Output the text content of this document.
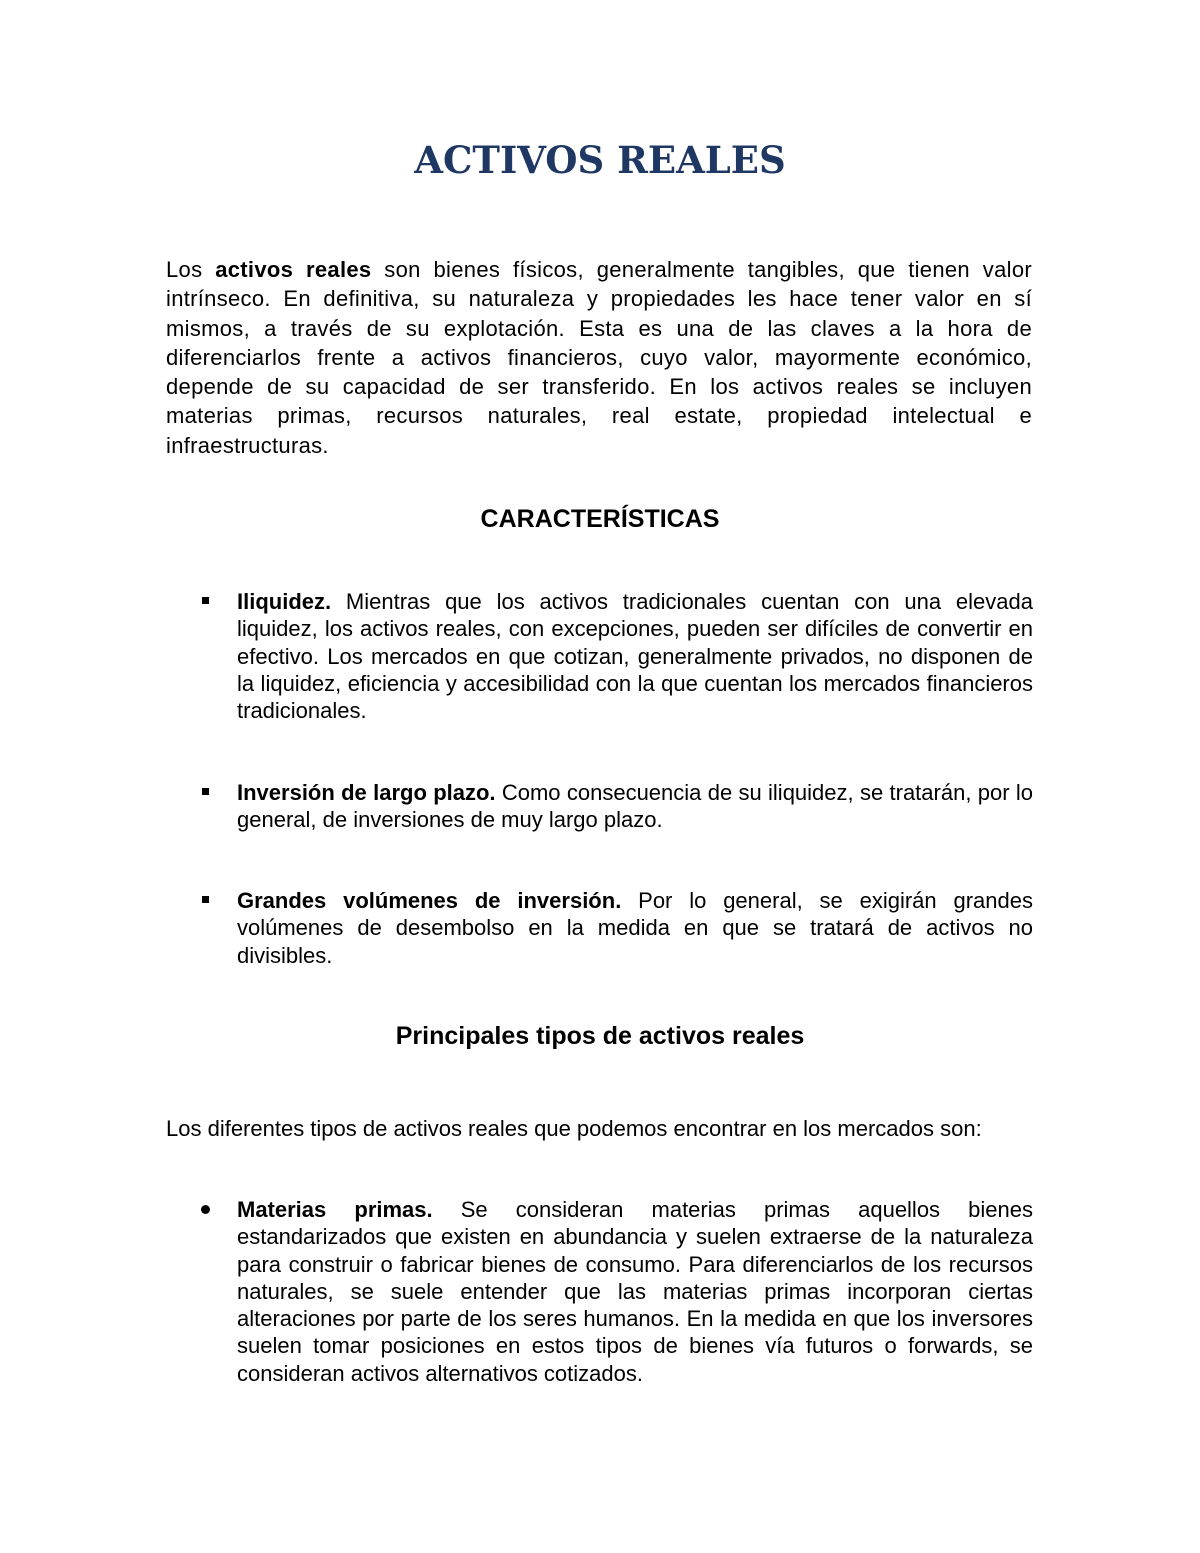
ACTIVOS REALES

Los activos reales son bienes físicos, generalmente tangibles, que tienen valor intrínseco. En definitiva, su naturaleza y propiedades les hace tener valor en sí mismos, a través de su explotación. Esta es una de las claves a la hora de diferenciarlos frente a activos financieros, cuyo valor, mayormente económico, depende de su capacidad de ser transferido. En los activos reales se incluyen materias primas, recursos naturales, real estate, propiedad intelectual e infraestructuras.

CARACTERÍSTICAS
Iliquidez. Mientras que los activos tradicionales cuentan con una elevada liquidez, los activos reales, con excepciones, pueden ser difíciles de convertir en efectivo. Los mercados en que cotizan, generalmente privados, no disponen de la liquidez, eficiencia y accesibilidad con la que cuentan los mercados financieros tradicionales.
Inversión de largo plazo. Como consecuencia de su iliquidez, se tratarán, por lo general, de inversiones de muy largo plazo.
Grandes volúmenes de inversión. Por lo general, se exigirán grandes volúmenes de desembolso en la medida en que se tratará de activos no divisibles.
Principales tipos de activos reales
Los diferentes tipos de activos reales que podemos encontrar en los mercados son:
Materias primas. Se consideran materias primas aquellos bienes estandarizados que existen en abundancia y suelen extraerse de la naturaleza para construir o fabricar bienes de consumo. Para diferenciarlos de los recursos naturales, se suele entender que las materias primas incorporan ciertas alteraciones por parte de los seres humanos. En la medida en que los inversores suelen tomar posiciones en estos tipos de bienes vía futuros o forwards, se consideran activos alternativos cotizados.
